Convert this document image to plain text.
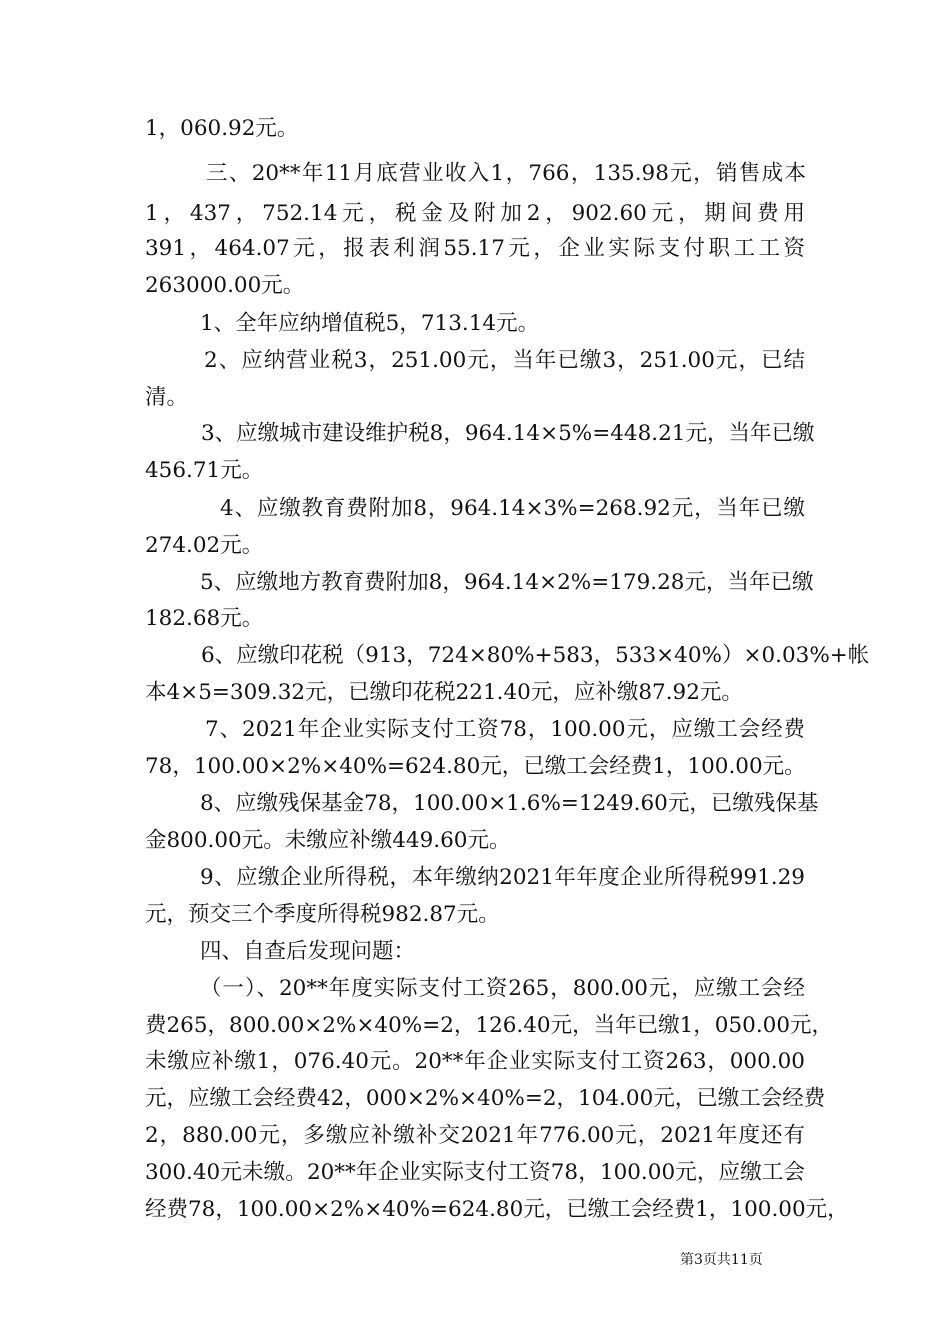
1，060.92元。
三、20**年11月底营业收入1，766，135.98元，销售成本
1，437，752.14元，税金及附加2，902.60元，期间费用
391，464.07元，报表利润55.17元，企业实际支付职工工资
263000.00元。
1、全年应纳增值税5，713.14元。
2、应纳营业税3，251.00元，当年已缴3，251.00元，已结
清。
3、应缴城市建设维护税8，964.14×5%=448.21元，当年已缴
456.71元。
4、应缴教育费附加8，964.14×3%=268.92元，当年已缴
274.02元。
5、应缴地方教育费附加8，964.14×2%=179.28元，当年已缴
182.68元。
6、应缴印花税（913，724×80%+583，533×40%）×0.03%+帐
本4×5=309.32元，已缴印花税221.40元，应补缴87.92元。
7、2021年企业实际支付工资78，100.00元，应缴工会经费
78，100.00×2%×40%=624.80元，已缴工会经费1，100.00元。
8、应缴残保基金78，100.00×1.6%=1249.60元，已缴残保基
金800.00元。未缴应补缴449.60元。
9、应缴企业所得税，本年缴纳2021年年度企业所得税991.29
元，预交三个季度所得税982.87元。
四、自查后发现问题：
（一）、20**年度实际支付工资265，800.00元，应缴工会经
费265，800.00×2%×40%=2，126.40元，当年已缴1，050.00元，
未缴应补缴1，076.40元。20**年企业实际支付工资263，000.00
元，应缴工会经费42，000×2%×40%=2，104.00元，已缴工会经费
2，880.00元，多缴应补缴补交2021年776.00元，2021年度还有
300.40元未缴。20**年企业实际支付工资78，100.00元，应缴工会
经费78，100.00×2%×40%=624.80元，已缴工会经费1，100.00元，
第3页共11页
